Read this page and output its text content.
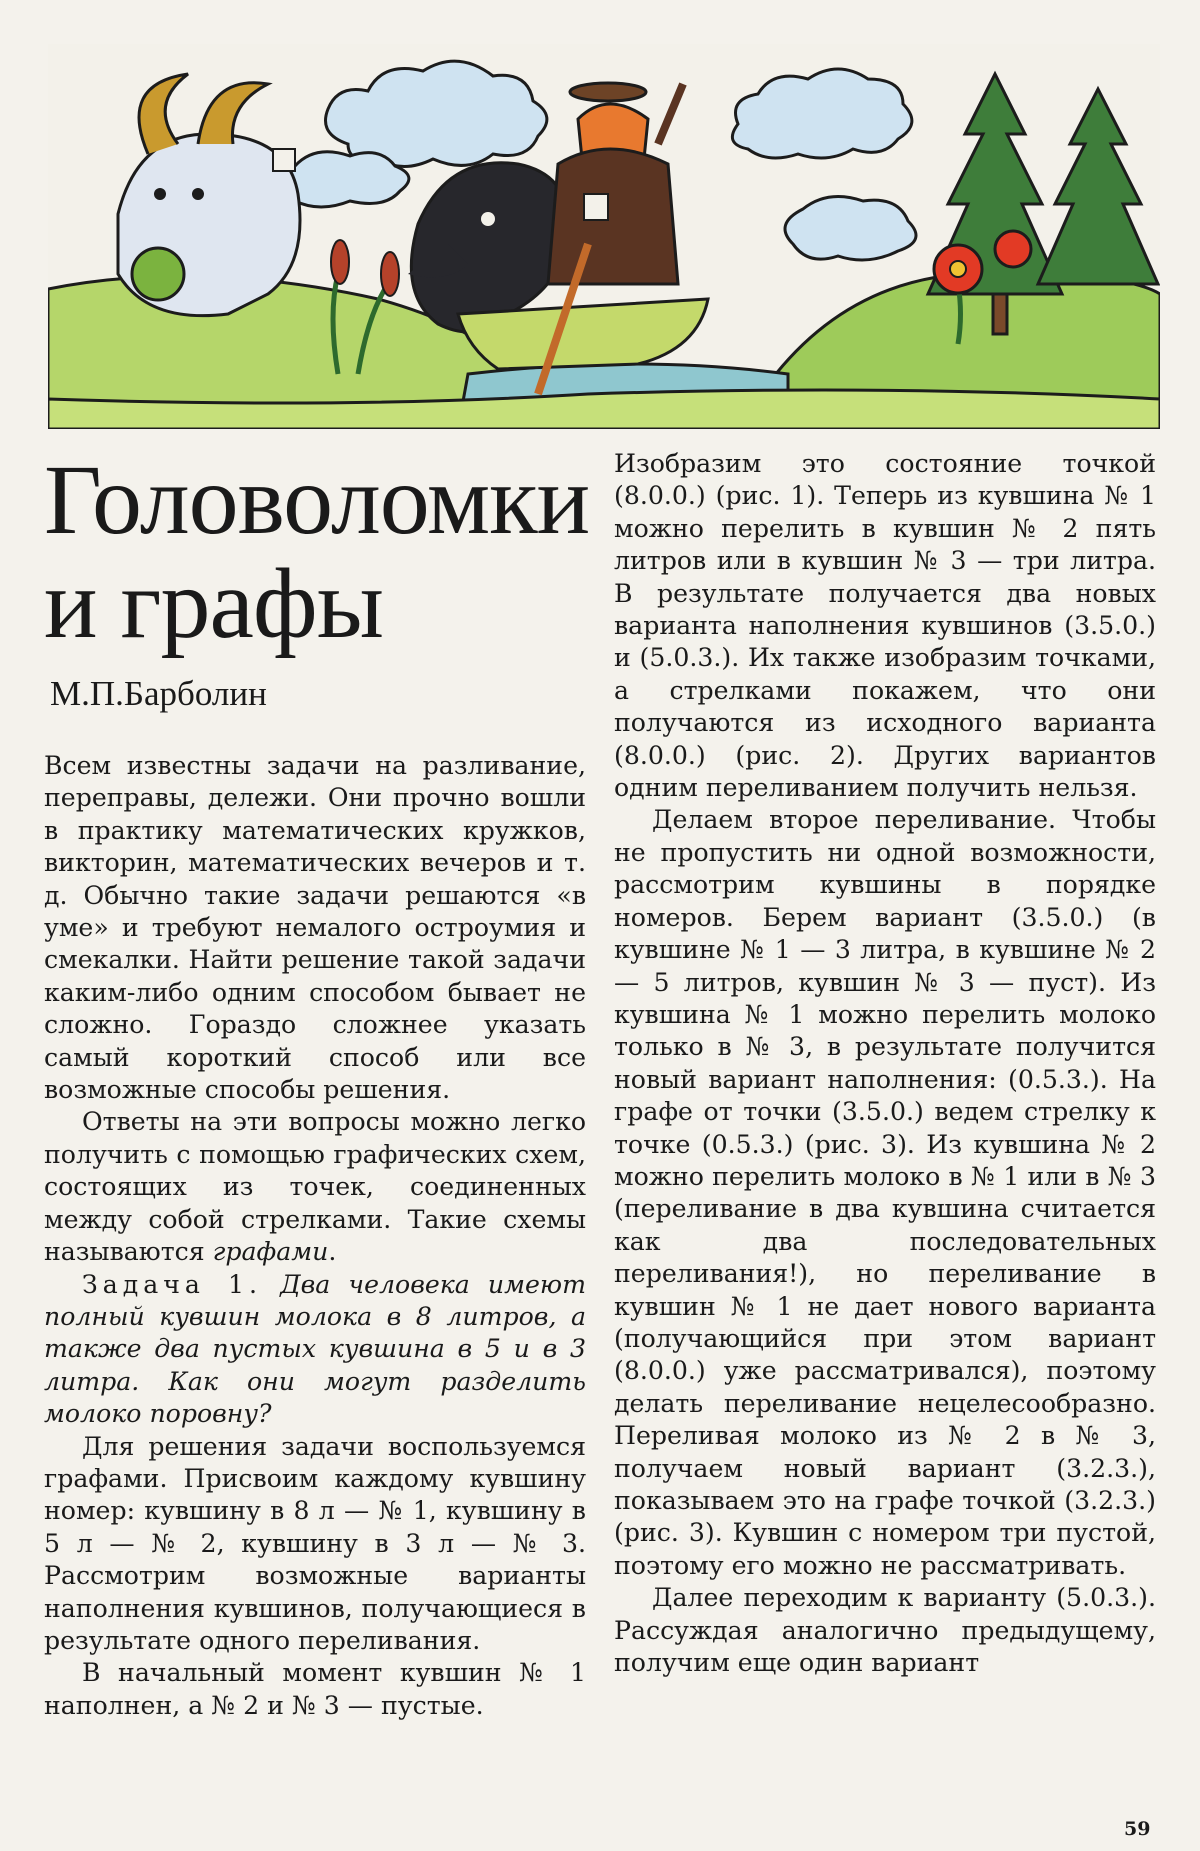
Головоломки
и графы
М.П.Барболин

Всем известны задачи на разливание, переправы, дележи. Они прочно вошли в практику математических кружков, викторин, математических вечеров и т. д. Обычно такие задачи решаются «в уме» и требуют немалого остроумия и смекалки. Найти решение такой задачи каким-либо одним способом бывает не сложно. Гораздо сложнее указать самый короткий способ или все возможные способы решения.

Ответы на эти вопросы можно легко получить с помощью графических схем, состоящих из точек, соединенных между собой стрелками. Такие схемы называются графами.

Задача 1. Два человека имеют полный кувшин молока в 8 литров, а также два пустых кувшина в 5 и в 3 литра. Как они могут разделить молоко поровну?

Для решения задачи воспользуемся графами. Присвоим каждому кувшину номер: кувшину в 8 л — № 1, кувшину в 5 л — № 2, кувшину в 3 л — № 3. Рассмотрим возможные варианты наполнения кувшинов, получающиеся в результате одного переливания.

В начальный момент кувшин № 1 наполнен, а № 2 и № 3 — пустые.

Изобразим это состояние точкой (8.0.0.) (рис. 1). Теперь из кувшина № 1 можно перелить в кувшин № 2 пять литров или в кувшин № 3 — три литра. В результате получается два новых варианта наполнения кувшинов (3.5.0.) и (5.0.3.). Их также изобразим точками, а стрелками покажем, что они получаются из исходного варианта (8.0.0.) (рис. 2). Других вариантов одним переливанием получить нельзя.

Делаем второе переливание. Чтобы не пропустить ни одной возможности, рассмотрим кувшины в порядке номеров. Берем вариант (3.5.0.) (в кувшине № 1 — 3 литра, в кувшине № 2 — 5 литров, кувшин № 3 — пуст). Из кувшина № 1 можно перелить молоко только в № 3, в результате получится новый вариант наполнения: (0.5.3.). На графе от точки (3.5.0.) ведем стрелку к точке (0.5.3.) (рис. 3). Из кувшина № 2 можно перелить молоко в № 1 или в № 3 (переливание в два кувшина считается как два последовательных переливания!), но переливание в кувшин № 1 не дает нового варианта (получающийся при этом вариант (8.0.0.) уже рассматривался), поэтому делать переливание нецелесообразно. Переливая молоко из № 2 в № 3, получаем новый вариант (3.2.3.), показываем это на графе точкой (3.2.3.) (рис. 3). Кувшин с номером три пустой, поэтому его можно не рассматривать.

Далее переходим к варианту (5.0.3.). Рассуждая аналогично предыдущему, получим еще один вариант

59
